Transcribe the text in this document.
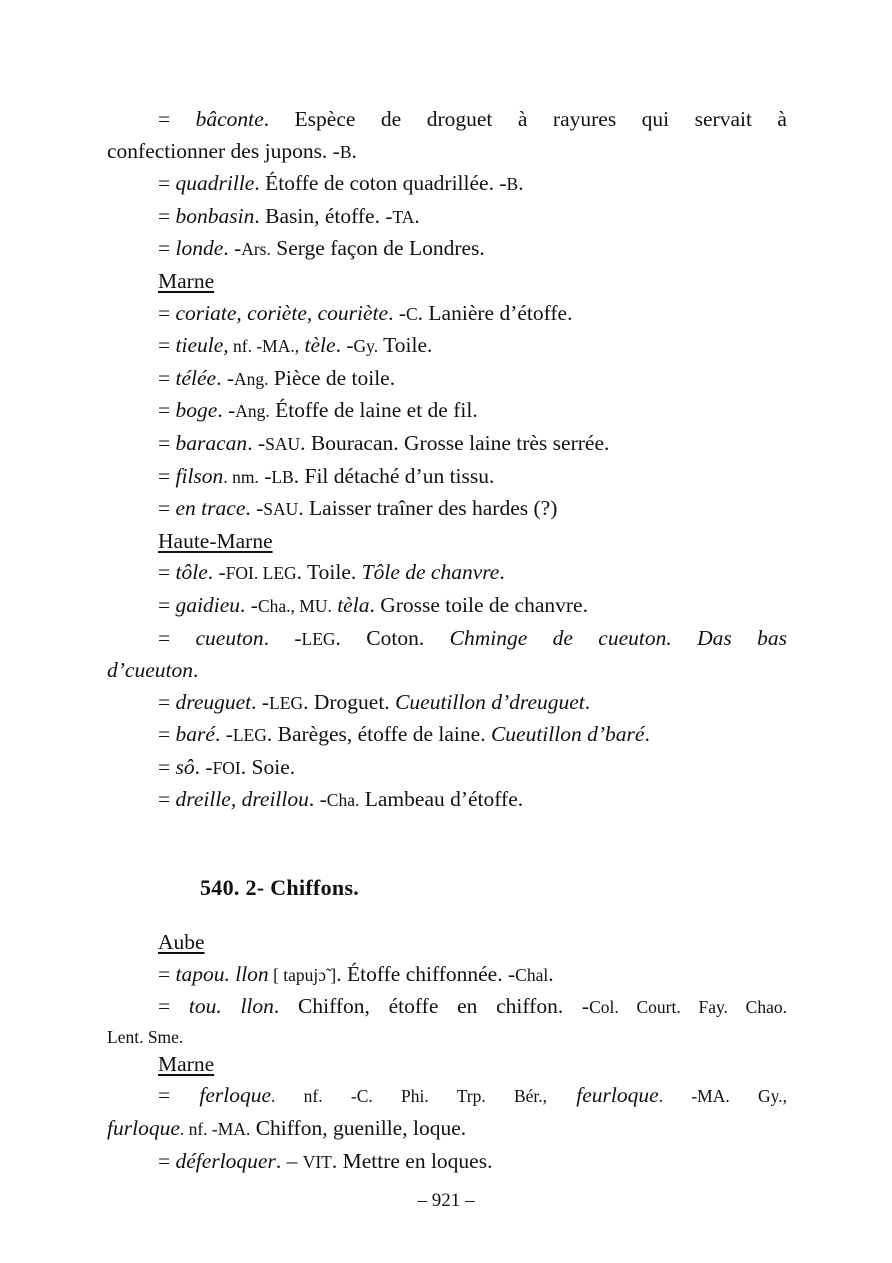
= bâconte. Espèce de droguet à rayures qui servait à
confectionner des jupons. -B.
= quadrille. Étoffe de coton quadrillée. -B.
= bonbasin. Basin, étoffe. -TA.
= londe. -Ars. Serge façon de Londres.
Marne
= coriate, coriète, couriète. -C. Lanière d’étoffe.
= tieule, nf. -MA., tèle. -Gy. Toile.
= télée. -Ang. Pièce de toile.
= boge. -Ang. Étoffe de laine et de fil.
= baracan. -SAU. Bouracan. Grosse laine très serrée.
= filson. nm. -LB. Fil détaché d’un tissu.
= en trace. -SAU. Laisser traîner des hardes (?)
Haute-Marne
= tôle. -FOI. LEG. Toile. Tôle de chanvre.
= gaidieu. -Cha., MU. tèla. Grosse toile de chanvre.
= cueuton. -LEG. Coton. Chminge de cueuton. Das bas
d’cueuton.
= dreuguet. -LEG. Droguet. Cueutillon d’dreuguet.
= baré. -LEG. Barèges, étoffe de laine. Cueutillon d’baré.
= sô. -FOI. Soie.
= dreille, dreillou. -Cha. Lambeau d’étoffe.
540. 2- Chiffons.
Aube
= tapou. llon [ tapujɔ̃ ]. Étoffe chiffonnée. -Chal.
= tou. llon. Chiffon, étoffe en chiffon. -Col. Court. Fay. Chao.
Lent. Sme.
Marne
= ferloque. nf. -C. Phi. Trp. Bér., feurloque. -MA. Gy.,
furloque. nf. -MA. Chiffon, guenille, loque.
= déferloquer. – VIT. Mettre en loques.
– 921 –
